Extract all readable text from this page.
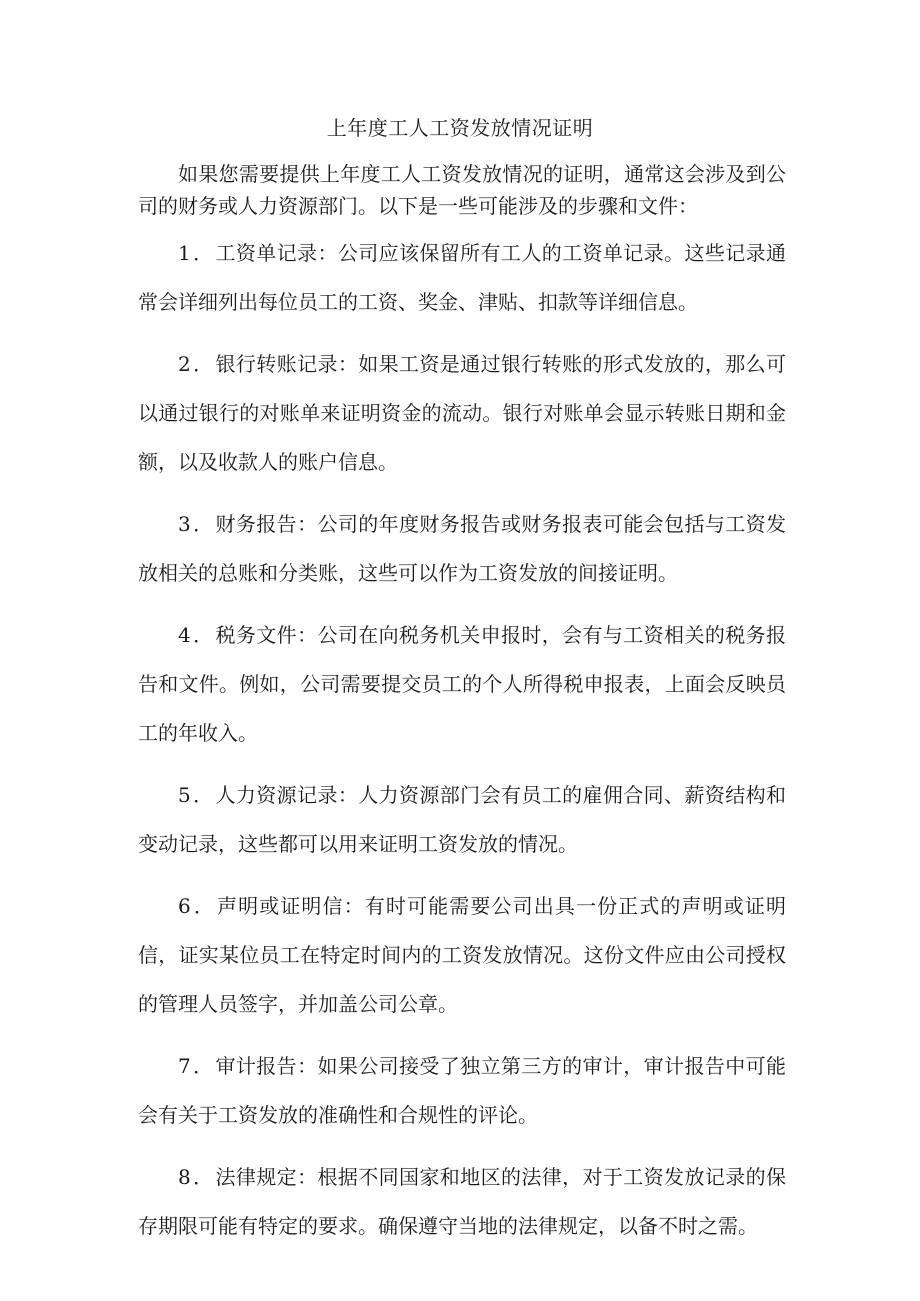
上年度工人工资发放情况证明

如果您需要提供上年度工人工资发放情况的证明，通常这会涉及到公司的财务或人力资源部门。以下是一些可能涉及的步骤和文件：

1．工资单记录：公司应该保留所有工人的工资单记录。这些记录通常会详细列出每位员工的工资、奖金、津贴、扣款等详细信息。

2．银行转账记录：如果工资是通过银行转账的形式发放的，那么可以通过银行的对账单来证明资金的流动。银行对账单会显示转账日期和金额，以及收款人的账户信息。

3．财务报告：公司的年度财务报告或财务报表可能会包括与工资发放相关的总账和分类账，这些可以作为工资发放的间接证明。

4．税务文件：公司在向税务机关申报时，会有与工资相关的税务报告和文件。例如，公司需要提交员工的个人所得税申报表，上面会反映员工的年收入。

5．人力资源记录：人力资源部门会有员工的雇佣合同、薪资结构和变动记录，这些都可以用来证明工资发放的情况。

6．声明或证明信：有时可能需要公司出具一份正式的声明或证明信，证实某位员工在特定时间内的工资发放情况。这份文件应由公司授权的管理人员签字，并加盖公司公章。

7．审计报告：如果公司接受了独立第三方的审计，审计报告中可能会有关于工资发放的准确性和合规性的评论。

8．法律规定：根据不同国家和地区的法律，对于工资发放记录的保存期限可能有特定的要求。确保遵守当地的法律规定，以备不时之需。
